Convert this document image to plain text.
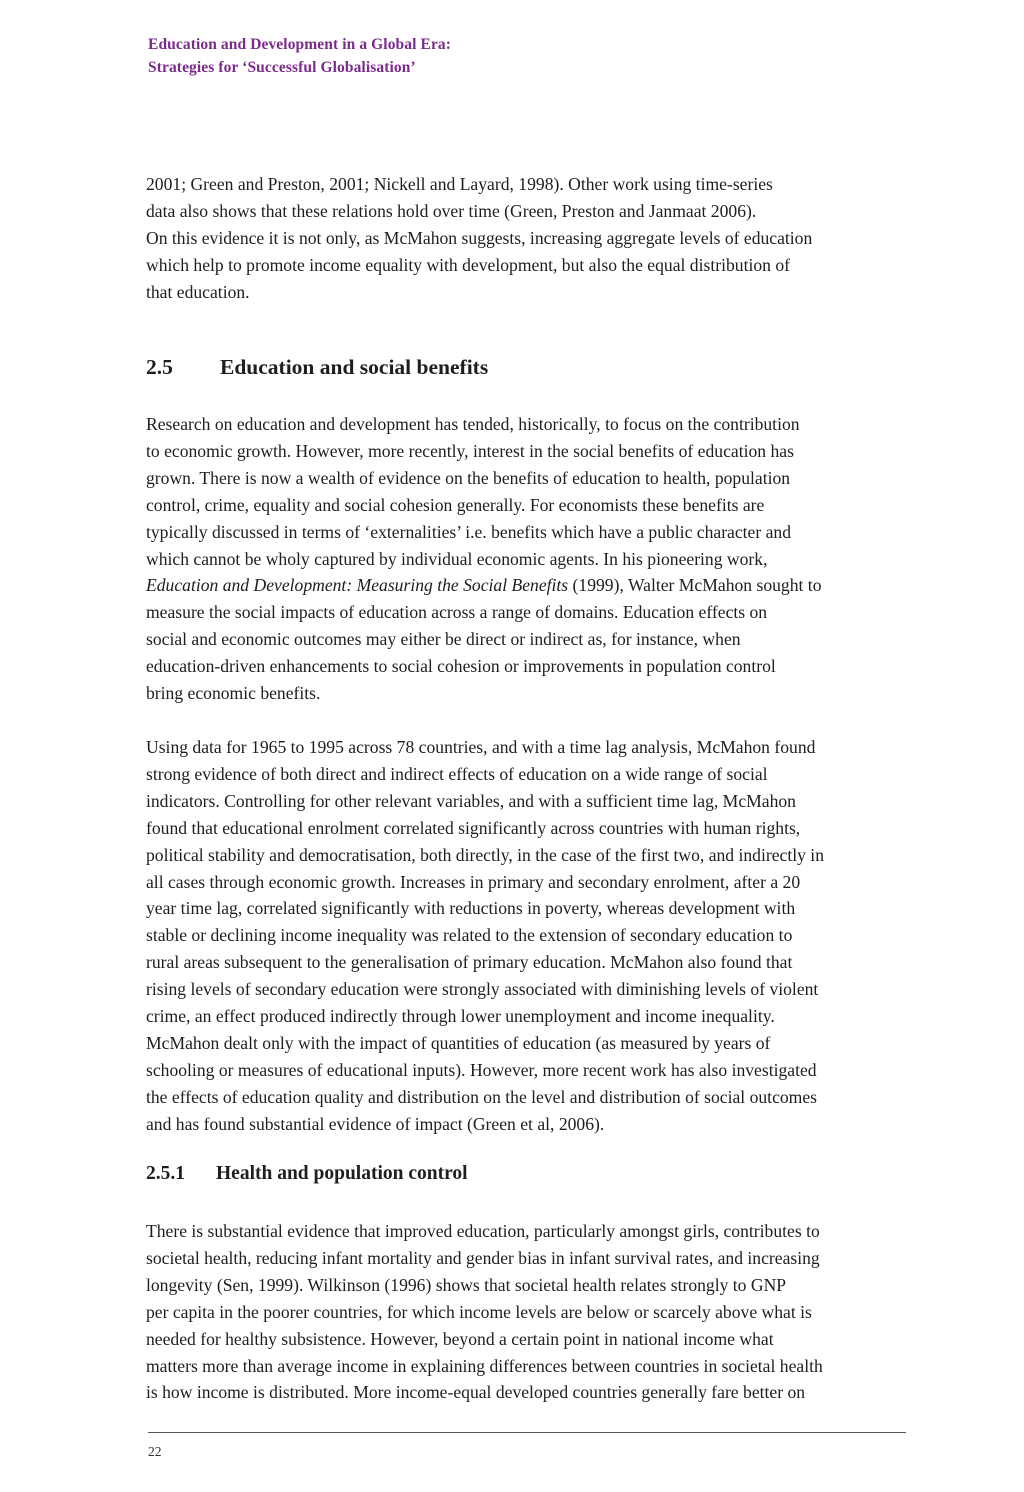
Education and Development in a Global Era:
Strategies for ‘Successful Globalisation’

2001; Green and Preston, 2001; Nickell and Layard, 1998). Other work using time-series
data also shows that these relations hold over time (Green, Preston and Janmaat 2006).
On this evidence it is not only, as McMahon suggests, increasing aggregate levels of education
which help to promote income equality with development, but also the equal distribution of
that education.

2.5 Education and social benefits

Research on education and development has tended, historically, to focus on the contribution
to economic growth. However, more recently, interest in the social benefits of education has
grown. There is now a wealth of evidence on the benefits of education to health, population
control, crime, equality and social cohesion generally. For economists these benefits are
typically discussed in terms of ‘externalities’ i.e. benefits which have a public character and
which cannot be wholy captured by individual economic agents. In his pioneering work,
Education and Development: Measuring the Social Benefits (1999), Walter McMahon sought to
measure the social impacts of education across a range of domains. Education effects on
social and economic outcomes may either be direct or indirect as, for instance, when
education-driven enhancements to social cohesion or improvements in population control
bring economic benefits.

Using data for 1965 to 1995 across 78 countries, and with a time lag analysis, McMahon found
strong evidence of both direct and indirect effects of education on a wide range of social
indicators. Controlling for other relevant variables, and with a sufficient time lag, McMahon
found that educational enrolment correlated significantly across countries with human rights,
political stability and democratisation, both directly, in the case of the first two, and indirectly in
all cases through economic growth. Increases in primary and secondary enrolment, after a 20
year time lag, correlated significantly with reductions in poverty, whereas development with
stable or declining income inequality was related to the extension of secondary education to
rural areas subsequent to the generalisation of primary education. McMahon also found that
rising levels of secondary education were strongly associated with diminishing levels of violent
crime, an effect produced indirectly through lower unemployment and income inequality.
McMahon dealt only with the impact of quantities of education (as measured by years of
schooling or measures of educational inputs). However, more recent work has also investigated
the effects of education quality and distribution on the level and distribution of social outcomes
and has found substantial evidence of impact (Green et al, 2006).

2.5.1 Health and population control

There is substantial evidence that improved education, particularly amongst girls, contributes to
societal health, reducing infant mortality and gender bias in infant survival rates, and increasing
longevity (Sen, 1999). Wilkinson (1996) shows that societal health relates strongly to GNP
per capita in the poorer countries, for which income levels are below or scarcely above what is
needed for healthy subsistence. However, beyond a certain point in national income what
matters more than average income in explaining differences between countries in societal health
is how income is distributed. More income-equal developed countries generally fare better on

22
